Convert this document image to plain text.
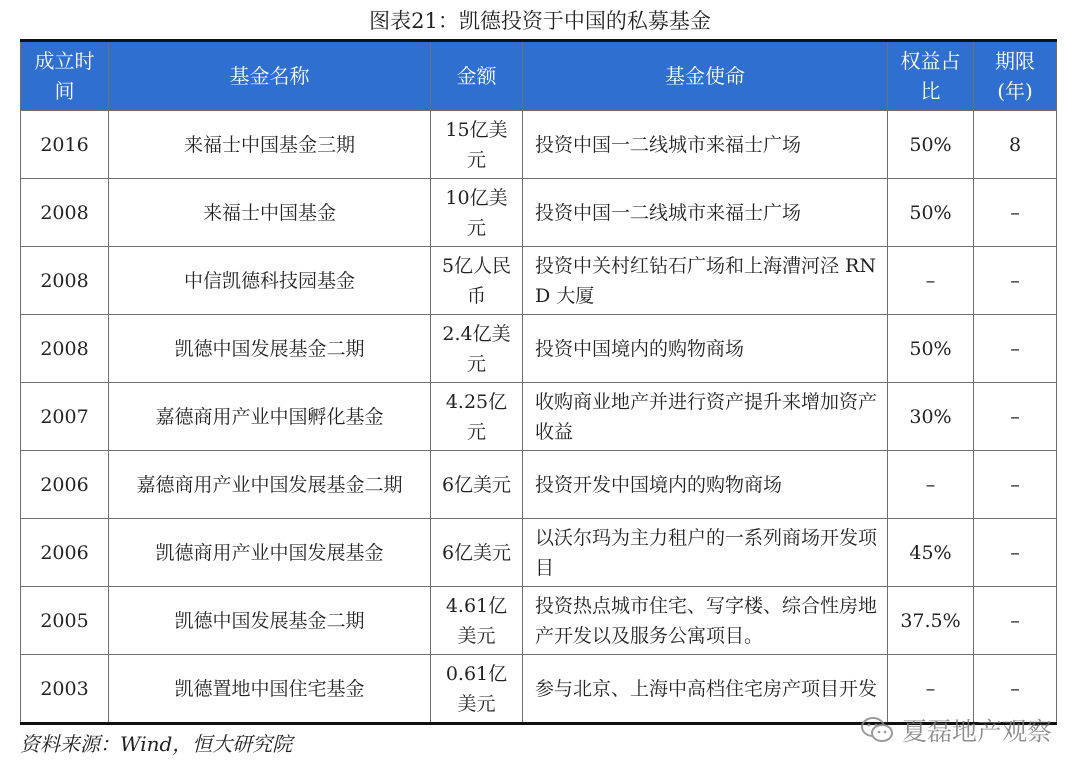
图表21：凯德投资于中国的私募基金
成立时间	基金名称	金额	基金使命	权益占比	期限(年)
2016	来福士中国基金三期	15亿美元	投资中国一二线城市来福士广场	50%	8
2008	来福士中国基金	10亿美元	投资中国一二线城市来福士广场	50%	–
2008	中信凯德科技园基金	5亿人民币	投资中关村红钻石广场和上海漕河泾 RND 大厦	–	–
2008	凯德中国发展基金二期	2.4亿美元	投资中国境内的购物商场	50%	–
2007	嘉德商用产业中国孵化基金	4.25亿元	收购商业地产并进行资产提升来增加资产收益	30%	–
2006	嘉德商用产业中国发展基金二期	6亿美元	投资开发中国境内的购物商场	–	–
2006	凯德商用产业中国发展基金	6亿美元	以沃尔玛为主力租户的一系列商场开发项目	45%	–
2005	凯德中国发展基金二期	4.61亿美元	投资热点城市住宅、写字楼、综合性房地产开发以及服务公寓项目。	37.5%	–
2003	凯德置地中国住宅基金	0.61亿美元	参与北京、上海中高档住宅房产项目开发	–	–
资料来源：Wind，恒大研究院	夏磊地产观察
